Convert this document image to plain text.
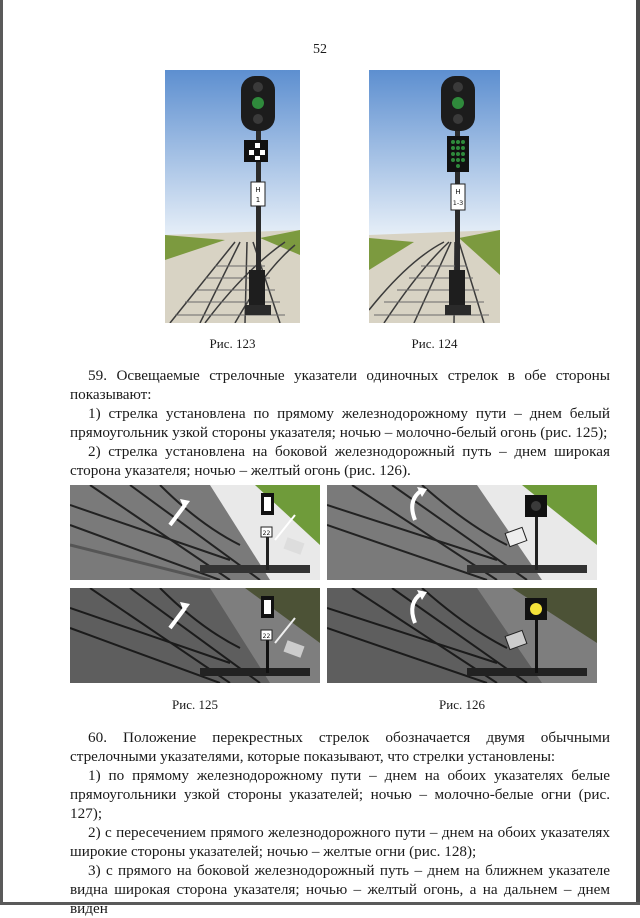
52
Н
1
Рис. 123
Н
1-3
Рис. 124

59. Освещаемые стрелочные указатели одиночных стрелок в обе стороны показывают:

1) стрелка установлена по прямому железнодорожному пути – днем белый прямоугольник узкой стороны указателя; ночью – молочно-белый огонь (рис. 125);

2) стрелка установлена на боковой железнодорожный путь – днем широкая сторона указателя; ночью – желтый огонь (рис. 126).

22
22
Рис. 125	Рис. 126

60. Положение перекрестных стрелок обозначается двумя обычными стрелочными указателями, которые показывают, что стрелки установлены:

1) по прямому железнодорожному пути – днем на обоих указателях белые прямоугольники узкой стороны указателей; ночью – молочно-белые огни (рис. 127);

2) с пересечением прямого железнодорожного пути – днем на обоих указателях широкие стороны указателей; ночью – желтые огни (рис. 128);

3) с прямого на боковой железнодорожный путь – днем на ближнем указателе видна широкая сторона указателя; ночью – желтый огонь, а на дальнем – днем виден
